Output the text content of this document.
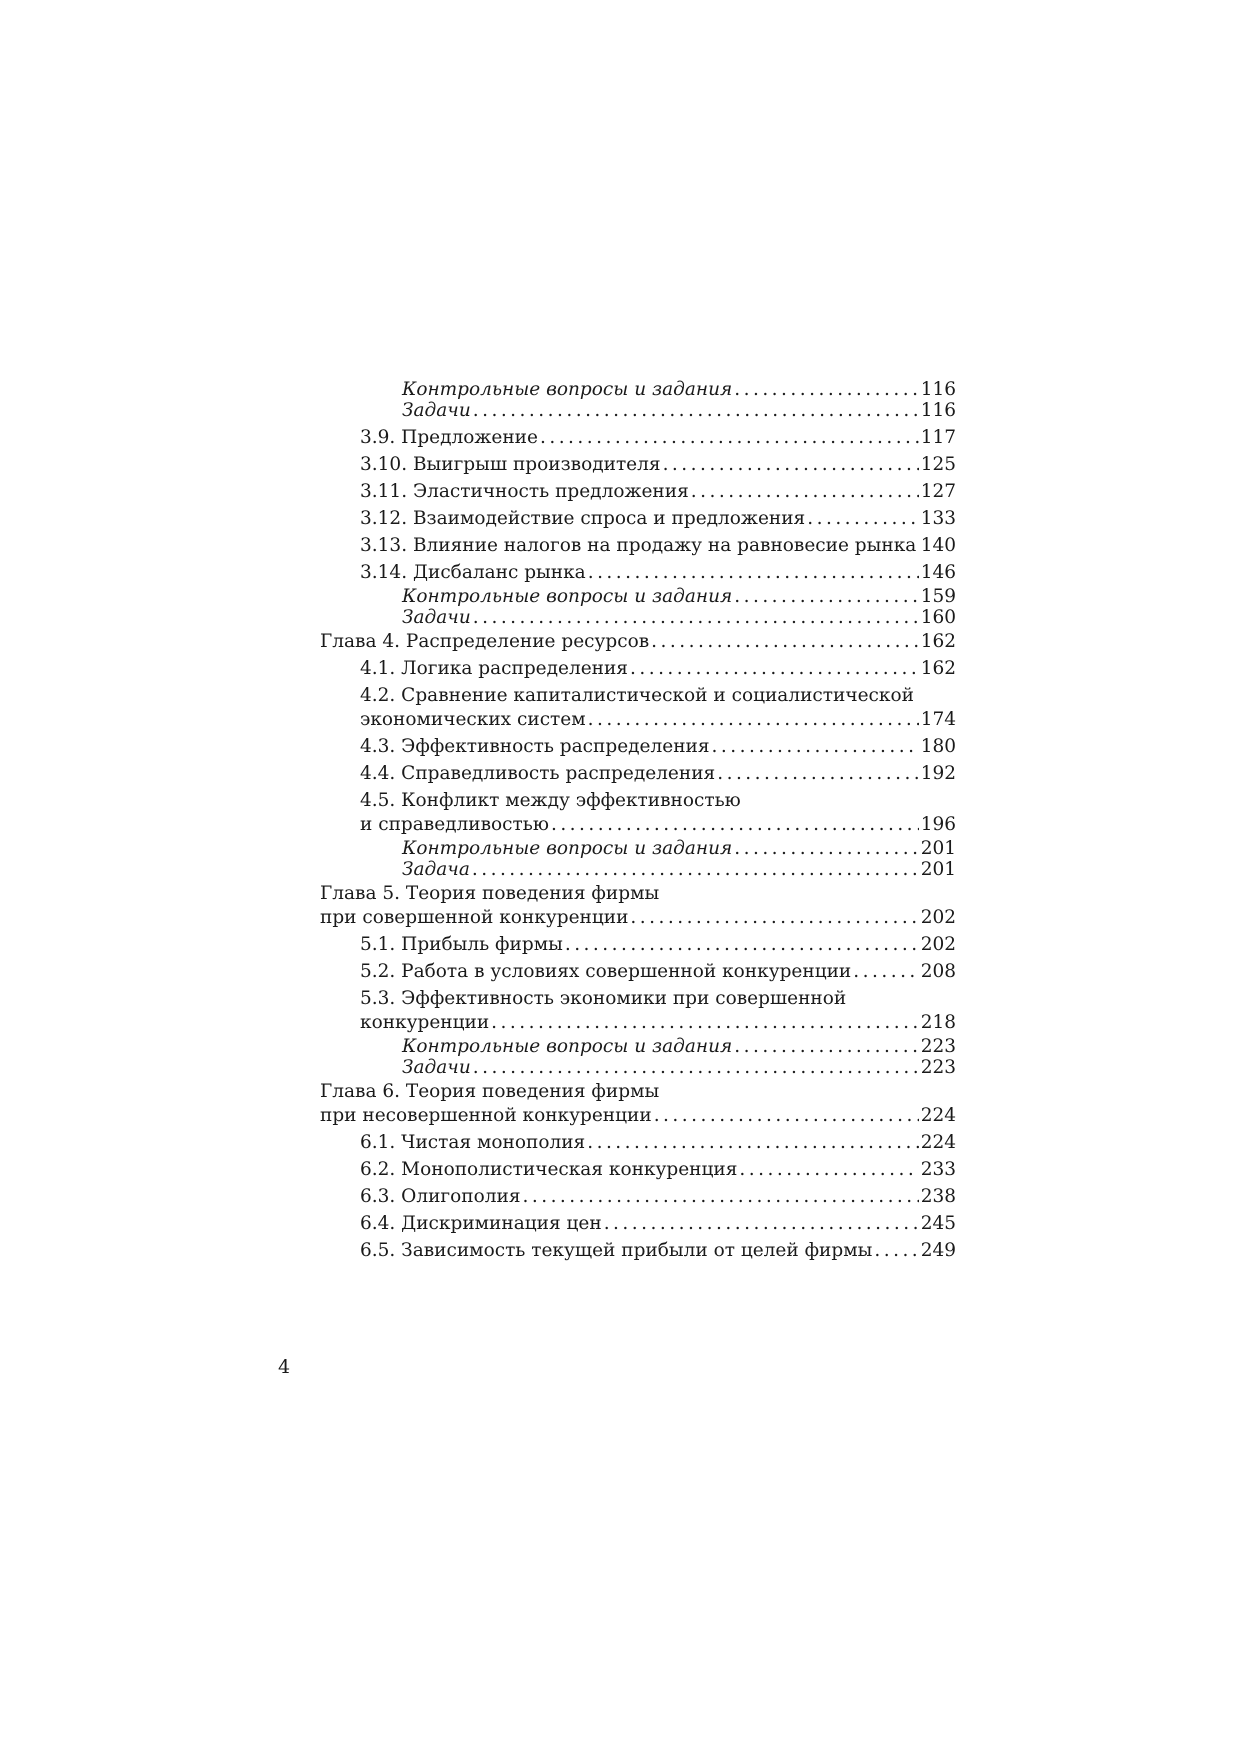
Контрольные вопросы и задания . . .	116
Задачи . . .	116
3.9. Предложение . . .	117
3.10. Выигрыш производителя . . .	125
3.11. Эластичность предложения . . .	127
3.12. Взаимодействие спроса и предложения . . .	133
3.13. Влияние налогов на продажу на равновесие рынка . . . 140
3.14. Дисбаланс рынка . . .	146
Контрольные вопросы и задания . . .	159
Задачи . . .	160
Глава 4. Распределение ресурсов . . .	162
4.1. Логика распределения . . .	162
4.2. Сравнение капиталистической и социалистической
экономических систем . . .	174
4.3. Эффективность распределения . . .	180
4.4. Справедливость распределения . . .	192
4.5. Конфликт между эффективностью
и справедливостью . . .	196
Контрольные вопросы и задания . . .	201
Задача . . .	201
Глава 5. Теория поведения фирмы
при совершенной конкуренции . . .	202
5.1. Прибыль фирмы . . .	202
5.2. Работа в условиях совершенной конкуренции . . .	208
5.3. Эффективность экономики при совершенной
конкуренции . . .	218
Контрольные вопросы и задания . . .	223
Задачи . . .	223
Глава 6. Теория поведения фирмы
при несовершенной конкуренции . . .	224
6.1. Чистая монополия . . .	224
6.2. Монополистическая конкуренция . . .	233
6.3. Олигополия . . .	238
6.4. Дискриминация цен . . .	245
6.5. Зависимость текущей прибыли от целей фирмы . . .	249
4
